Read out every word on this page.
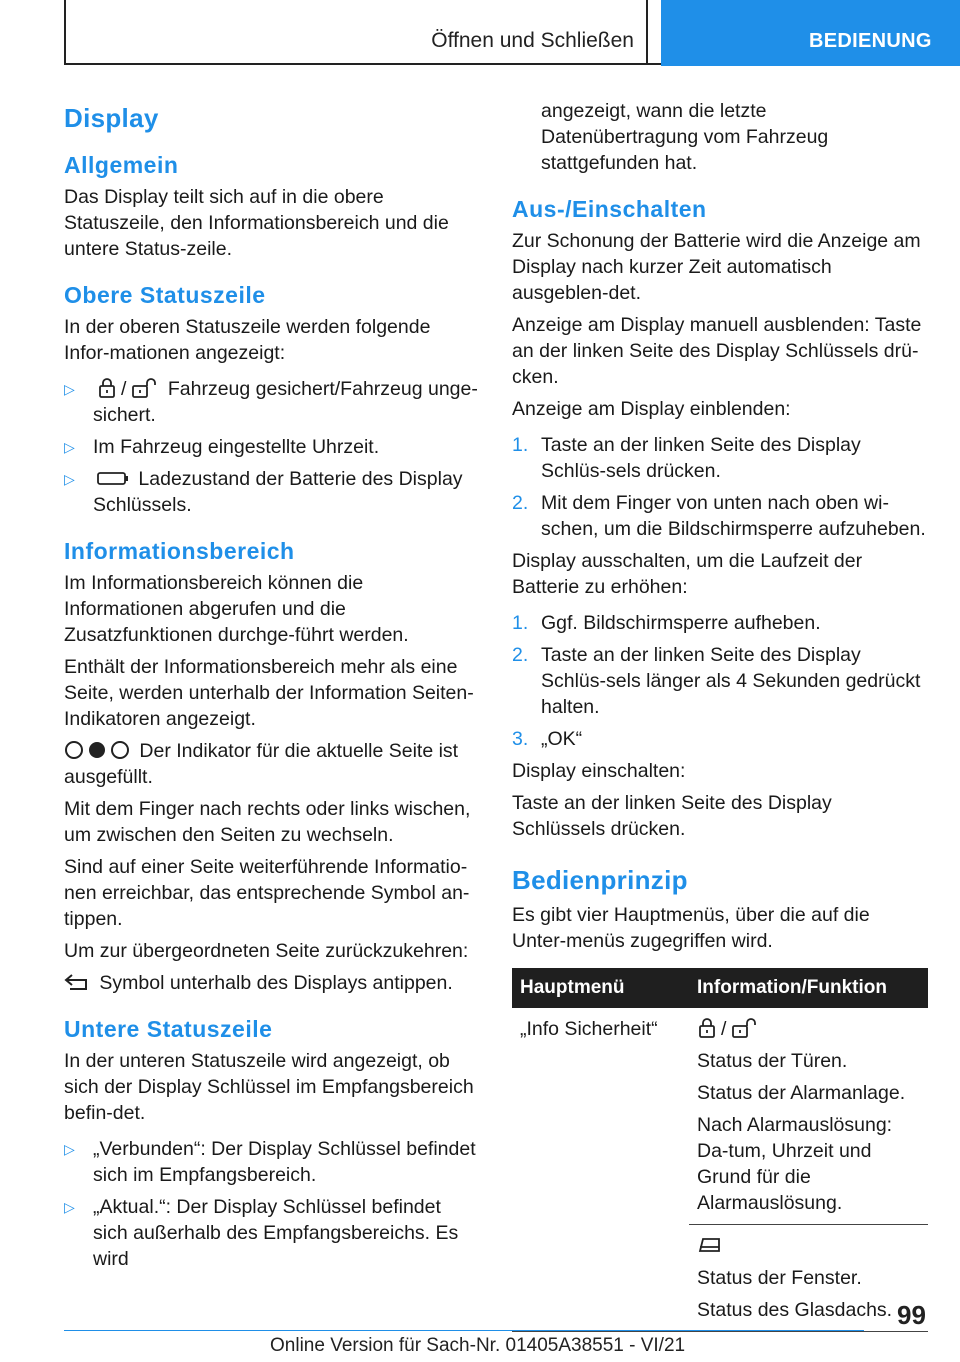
Öffnen und Schließen	BEDIENUNG
Display
Allgemein

Das Display teilt sich auf in die obere Statuszeile, den Informationsbereich und die untere Status-zeile.

Obere Statuszeile

In der oberen Statuszeile werden folgende Infor-mationen angezeigt:

▷ / Fahrzeug gesichert/Fahrzeug unge-sichert.
▷ Im Fahrzeug eingestellte Uhrzeit.
▷	Ladezustand der Batterie des Display Schlüssels.
Informationsbereich

Im Informationsbereich können die Informationen abgerufen und die Zusatzfunktionen durchge-führt werden.

Enthält der Informationsbereich mehr als eine Seite, werden unterhalb der Information Seiten-Indikatoren angezeigt.

Der Indikator für die aktuelle Seite ist ausgefüllt.

Mit dem Finger nach rechts oder links wischen, um zwischen den Seiten zu wechseln.

Sind auf einer Seite weiterführende Informatio-nen erreichbar, das entsprechende Symbol an-tippen.

Um zur übergeordneten Seite zurückzukehren:

Symbol unterhalb des Displays antippen.

Untere Statuszeile

In der unteren Statuszeile wird angezeigt, ob sich der Display Schlüssel im Empfangsbereich befin-det.

▷ „Verbunden“: Der Display Schlüssel befindet sich im Empfangsbereich.
▷ „Aktual.“: Der Display Schlüssel befindet sich außerhalb des Empfangsbereichs. Es wird

angezeigt, wann die letzte Datenübertragung vom Fahrzeug stattgefunden hat.

Aus-/Einschalten

Zur Schonung der Batterie wird die Anzeige am Display nach kurzer Zeit automatisch ausgeblen-det.

Anzeige am Display manuell ausblenden: Taste an der linken Seite des Display Schlüssels drü-cken.

Anzeige am Display einblenden:

1. Taste an der linken Seite des Display Schlüs-sels drücken.
2. Mit dem Finger von unten nach oben wi-schen, um die Bildschirmsperre aufzuheben.

Display ausschalten, um die Laufzeit der Batterie zu erhöhen:

1. Ggf. Bildschirmsperre aufheben.
2. Taste an der linken Seite des Display Schlüs-sels länger als 4 Sekunden gedrückt halten.
3. „OK“

Display einschalten:

Taste an der linken Seite des Display Schlüssels drücken.

Bedienprinzip

Es gibt vier Hauptmenüs, über die auf die Unter-menüs zugegriffen wird.

Hauptmenü	Information/Funktion
„Info Sicherheit“	/

Status der Türen.

Status der Alarmanlage.

Nach Alarmauslösung: Da-tum, Uhrzeit und Grund für die Alarmauslösung.

	Status der Fenster.

Status des Glasdachs. 99
Online Version für Sach-Nr. 01405A38551 - VI/21
